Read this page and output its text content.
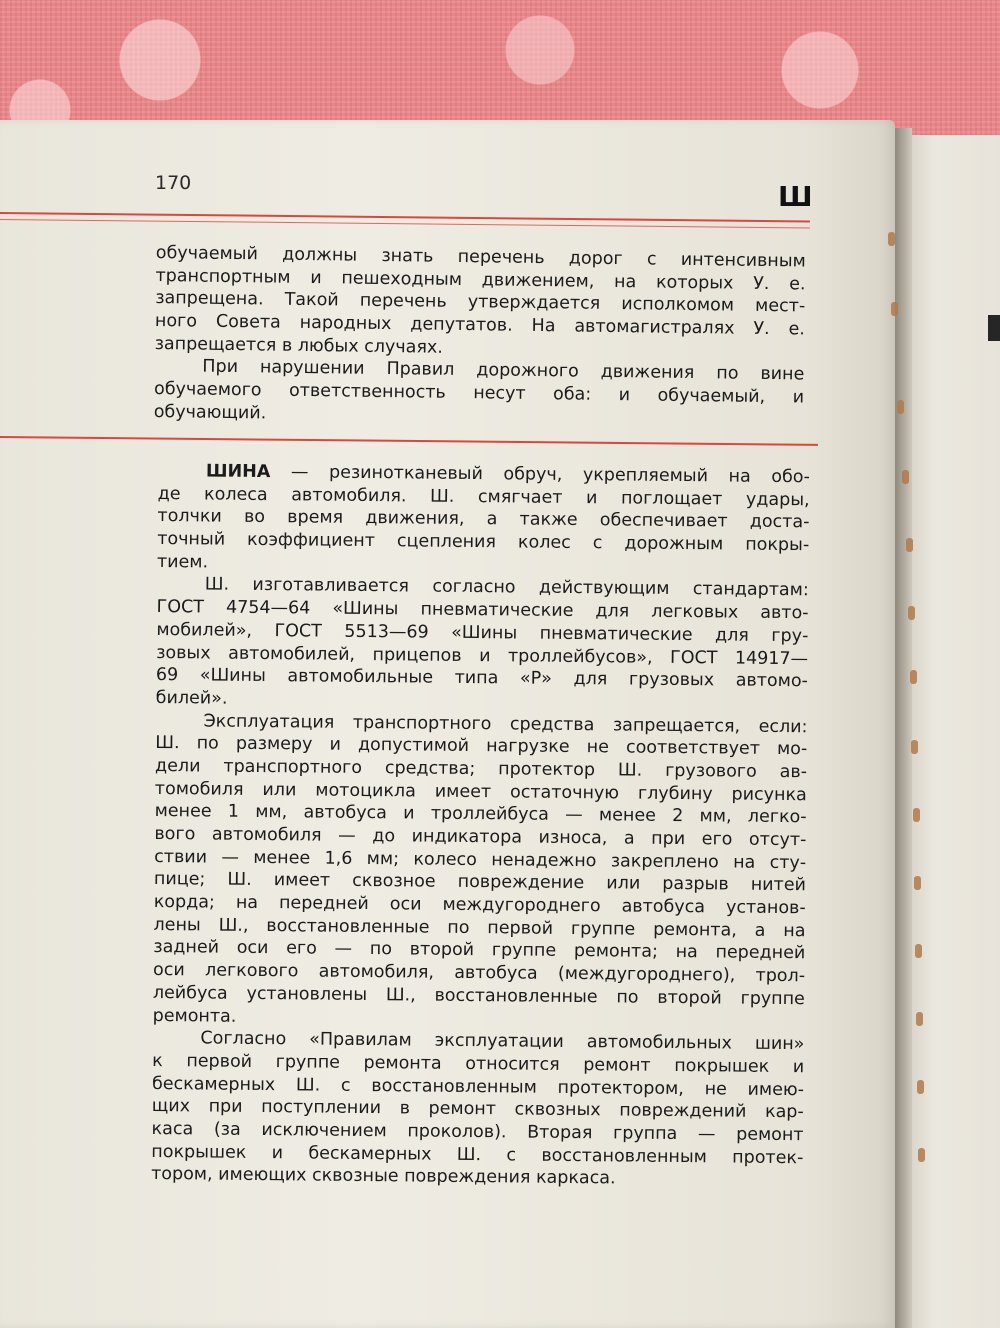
170	Ш

обучаемый должны знать перечень дорог с интенсивным
транспортным и пешеходным движением, на которых У. е.
запрещена. Такой перечень утверждается исполкомом мест-
ного Совета народных депутатов. На автомагистралях У. е.
запрещается в любых случаях.
При нарушении Правил дорожного движения по вине
обучаемого ответственность несут оба: и обучаемый, и
обучающий.
ШИНА — резинотканевый обруч, укрепляемый на обо-
де колеса автомобиля. Ш. смягчает и поглощает удары,
толчки во время движения, а также обеспечивает доста-
точный коэффициент сцепления колес с дорожным покры-
тием.
Ш. изготавливается согласно действующим стандартам:
ГОСТ 4754—64 «Шины пневматические для легковых авто-
мобилей», ГОСТ 5513—69 «Шины пневматические для гру-
зовых автомобилей, прицепов и троллейбусов», ГОСТ 14917—
69 «Шины автомобильные типа «Р» для грузовых автомо-
билей».
Эксплуатация транспортного средства запрещается, если:
Ш. по размеру и допустимой нагрузке не соответствует мо-
дели транспортного средства; протектор Ш. грузового ав-
томобиля или мотоцикла имеет остаточную глубину рисунка
менее 1 мм, автобуса и троллейбуса — менее 2 мм, легко-
вого автомобиля — до индикатора износа, а при его отсут-
ствии — менее 1,6 мм; колесо ненадежно закреплено на сту-
пице; Ш. имеет сквозное повреждение или разрыв нитей
корда; на передней оси междугороднего автобуса установ-
лены Ш., восстановленные по первой группе ремонта, а на
задней оси его — по второй группе ремонта; на передней
оси легкового автомобиля, автобуса (междугороднего), трол-
лейбуса установлены Ш., восстановленные по второй группе
ремонта.
Согласно «Правилам эксплуатации автомобильных шин»
к первой группе ремонта относится ремонт покрышек и
бескамерных Ш. с восстановленным протектором, не имею-
щих при поступлении в ремонт сквозных повреждений кар-
каса (за исключением проколов). Вторая группа — ремонт
покрышек и бескамерных Ш. с восстановленным протек-
тором, имеющих сквозные повреждения каркаса.
